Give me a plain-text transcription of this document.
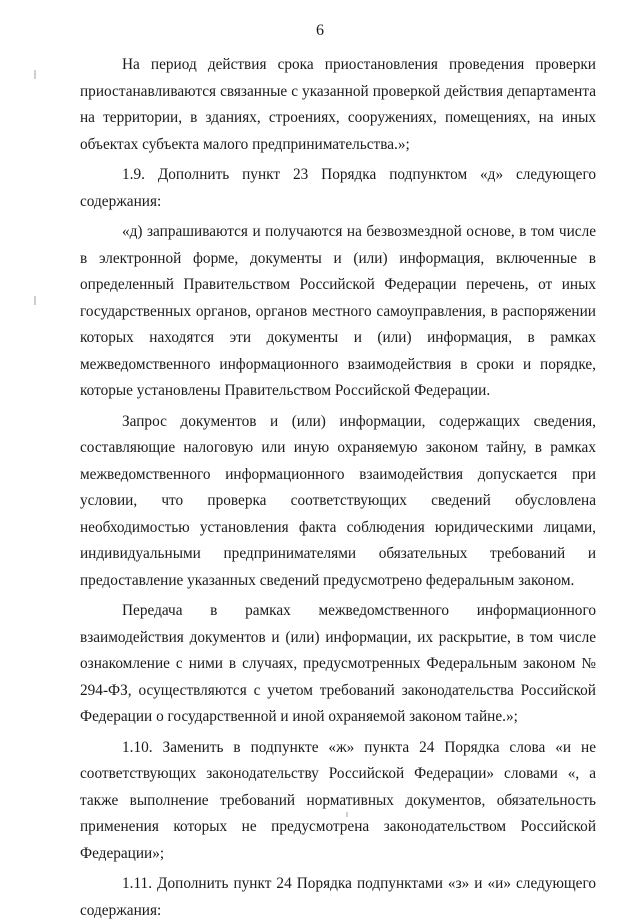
6

На период действия срока приостановления проведения проверки приостанавливаются связанные с указанной проверкой действия департамента на территории, в зданиях, строениях, сооружениях, помещениях, на иных объектах субъекта малого предпринимательства.»;

1.9. Дополнить пункт 23 Порядка подпунктом «д» следующего содержания:

«д) запрашиваются и получаются на безвозмездной основе, в том числе в электронной форме, документы и (или) информация, включенные в определенный Правительством Российской Федерации перечень, от иных государственных органов, органов местного самоуправления, в распоряжении которых находятся эти документы и (или) информация, в рамках межведомственного информационного взаимодействия в сроки и порядке, которые установлены Правительством Российской Федерации.

Запрос документов и (или) информации, содержащих сведения, составляющие налоговую или иную охраняемую законом тайну, в рамках межведомственного информационного взаимодействия допускается при условии, что проверка соответствующих сведений обусловлена необходимостью установления факта соблюдения юридическими лицами, индивидуальными предпринимателями обязательных требований и предоставление указанных сведений предусмотрено федеральным законом.

Передача в рамках межведомственного информационного взаимодействия документов и (или) информации, их раскрытие, в том числе ознакомление с ними в случаях, предусмотренных Федеральным законом № 294-ФЗ, осуществляются с учетом требований законодательства Российской Федерации о государственной и иной охраняемой законом тайне.»;

1.10. Заменить в подпункте «ж» пункта 24 Порядка слова «и не соответствующих законодательству Российской Федерации» словами «, а также выполнение требований нормативных документов, обязательность применения которых не предусмотрена законодательством Российской Федерации»;

1.11. Дополнить пункт 24 Порядка подпунктами «з» и «и» следующего содержания:
